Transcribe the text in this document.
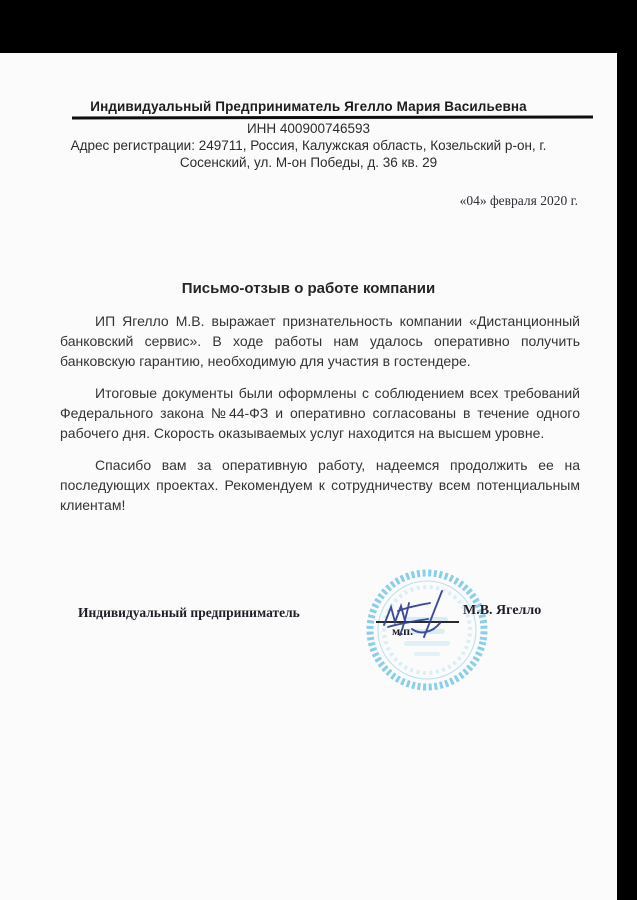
Индивидуальный Предприниматель Ягелло Мария Васильевна
ИНН 400900746593
Адрес регистрации: 249711, Россия, Калужская область, Козельский р-он, г.
Сосенский, ул. М-он Победы, д. 36 кв. 29
«04» февраля 2020 г.
Письмо-отзыв о работе компании

ИП Ягелло М.В. выражает признательность компании «Дистанционный банковский сервис». В ходе работы нам удалось оперативно получить банковскую гарантию, необходимую для участия в гостендере.

Итоговые документы были оформлены с соблюдением всех требований Федерального закона №44-ФЗ и оперативно согласованы в течение одного рабочего дня. Скорость оказываемых услуг находится на высшем уровне.

Спасибо вам за оперативную работу, надеемся продолжить ее на последующих проектах. Рекомендуем к сотрудничеству всем потенциальным клиентам!

Индивидуальный предприниматель
м.п.
М.В. Ягелло
